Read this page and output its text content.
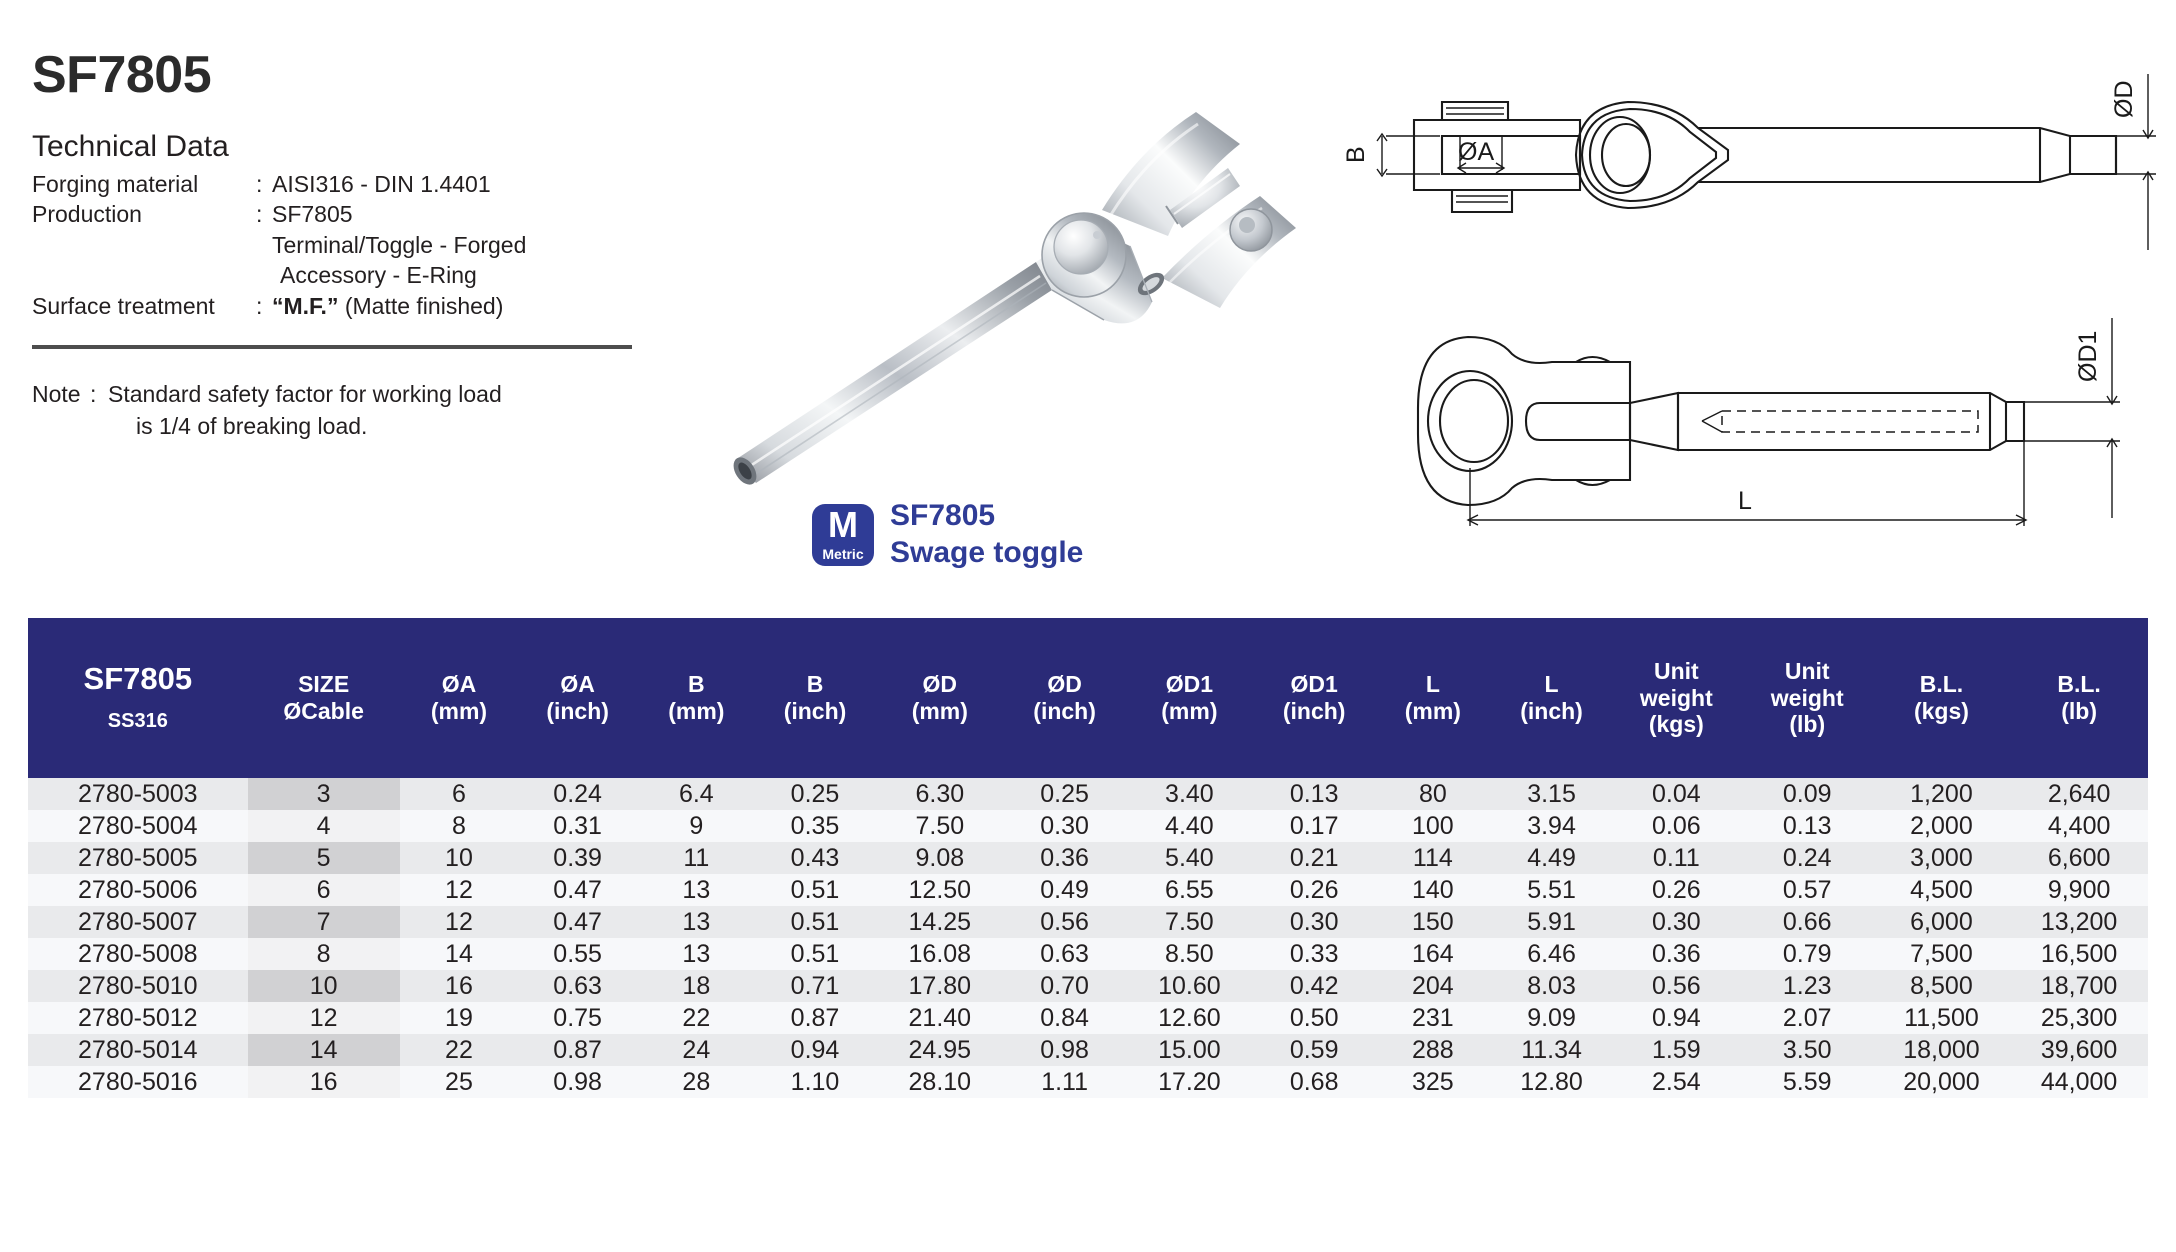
SF7805
Technical Data
Forging material	: AISI316 - DIN 1.4401
Production	: SF7805
Terminal/Toggle - Forged
Accessory - E-Ring
Surface treatment	: “M.F.” (Matte finished)
Note : Standard safety factor for working load
is 1/4 of breaking load.
M
Metric
SF7805
Swage toggle
B	ØA
ØD
ØD1
L
SF7805
SS316

SIZE
ØCable

ØA
(mm)

ØA
(inch)

B
(mm)

B
(inch)

ØD
(mm)

ØD
(inch)

ØD1
(mm)

ØD1
(inch)

L
(mm)

L
(inch)

Unit
weight
(kgs)

Unit
weight
(lb)

B.L.
(kgs)

B.L.
(lb)

2780-5003	3	6	0.24	6.4	0.25	6.30	0.25	3.40	0.13	80	3.15	0.04	0.09	1,200	2,640
2780-5004	4	8	0.31	9	0.35	7.50	0.30	4.40	0.17	100	3.94	0.06	0.13	2,000	4,400
2780-5005	5	10	0.39	11	0.43	9.08	0.36	5.40	0.21	114	4.49	0.11	0.24	3,000	6,600
2780-5006	6	12	0.47	13	0.51	12.50	0.49	6.55	0.26	140	5.51	0.26	0.57	4,500	9,900
2780-5007	7	12	0.47	13	0.51	14.25	0.56	7.50	0.30	150	5.91	0.30	0.66	6,000	13,200
2780-5008	8	14	0.55	13	0.51	16.08	0.63	8.50	0.33	164	6.46	0.36	0.79	7,500	16,500
2780-5010	10	16	0.63	18	0.71	17.80	0.70	10.60	0.42	204	8.03	0.56	1.23	8,500	18,700
2780-5012	12	19	0.75	22	0.87	21.40	0.84	12.60	0.50	231	9.09	0.94	2.07	11,500	25,300
2780-5014	14	22	0.87	24	0.94	24.95	0.98	15.00	0.59	288	11.34	1.59	3.50	18,000	39,600
2780-5016	16	25	0.98	28	1.10	28.10	1.11	17.20	0.68	325	12.80	2.54	5.59	20,000	44,000
